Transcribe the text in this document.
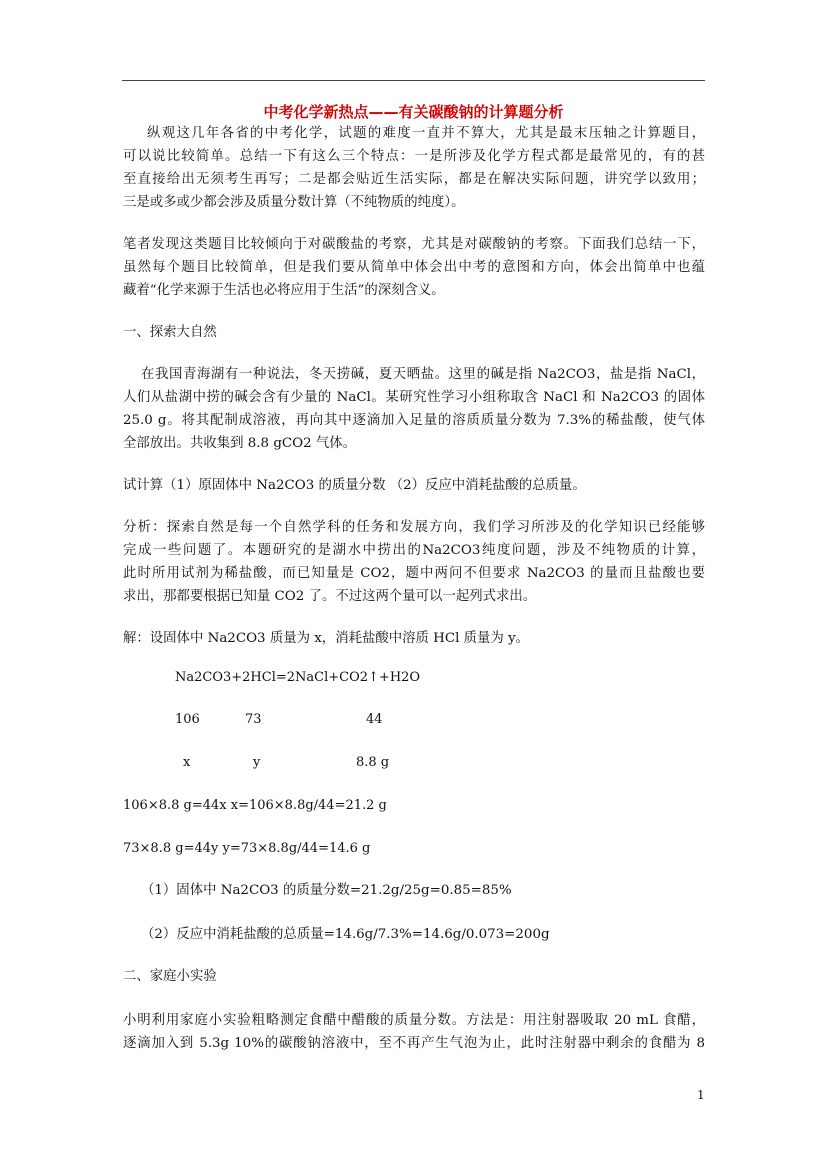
中考化学新热点——有关碳酸钠的计算题分析
纵观这几年各省的中考化学，试题的难度一直并不算大，尤其是最末压轴之计算题目，
可以说比较简单。总结一下有这么三个特点：一是所涉及化学方程式都是最常见的，有的甚
至直接给出无须考生再写；二是都会贴近生活实际，都是在解决实际问题，讲究学以致用；
三是或多或少都会涉及质量分数计算（不纯物质的纯度）。
笔者发现这类题目比较倾向于对碳酸盐的考察，尤其是对碳酸钠的考察。下面我们总结一下，
虽然每个题目比较简单，但是我们要从简单中体会出中考的意图和方向，体会出简单中也蕴
藏着“化学来源于生活也必将应用于生活”的深刻含义。
一、探索大自然
在我国青海湖有一种说法，冬天捞碱，夏天晒盐。这里的碱是指 Na2CO3，盐是指 NaCl，
人们从盐湖中捞的碱会含有少量的 NaCl。某研究性学习小组称取含 NaCl 和 Na2CO3 的固体
25.0 g。将其配制成溶液，再向其中逐滴加入足量的溶质质量分数为 7.3%的稀盐酸，使气体
全部放出。共收集到 8.8 gCO2 气体。
试计算（1）原固体中 Na2CO3 的质量分数 （2）反应中消耗盐酸的总质量。
分析：探索自然是每一个自然学科的任务和发展方向，我们学习所涉及的化学知识已经能够
完成一些问题了。本题研究的是湖水中捞出的Na2CO3纯度问题，涉及不纯物质的计算，
此时所用试剂为稀盐酸，而已知量是 CO2，题中两问不但要求 Na2CO3 的量而且盐酸也要
求出，那都要根据已知量 CO2 了。不过这两个量可以一起列式求出。
解：设固体中 Na2CO3 质量为 x，消耗盐酸中溶质 HCl 质量为 y。
Na2CO3+2HCl=2NaCl+CO2↑+H2O
106	73	44
x	y	8.8 g
106×8.8 g=44x x=106×8.8g/44=21.2 g
73×8.8 g=44y y=73×8.8g/44=14.6 g
（1）固体中 Na2CO3 的质量分数=21.2g/25g=0.85=85%
（2）反应中消耗盐酸的总质量=14.6g/7.3%=14.6g/0.073=200g
二、家庭小实验
小明利用家庭小实验粗略测定食醋中醋酸的质量分数。方法是：用注射器吸取 20 mL 食醋，
逐滴加入到 5.3g 10%的碳酸钠溶液中，至不再产生气泡为止，此时注射器中剩余的食醋为 8
1
